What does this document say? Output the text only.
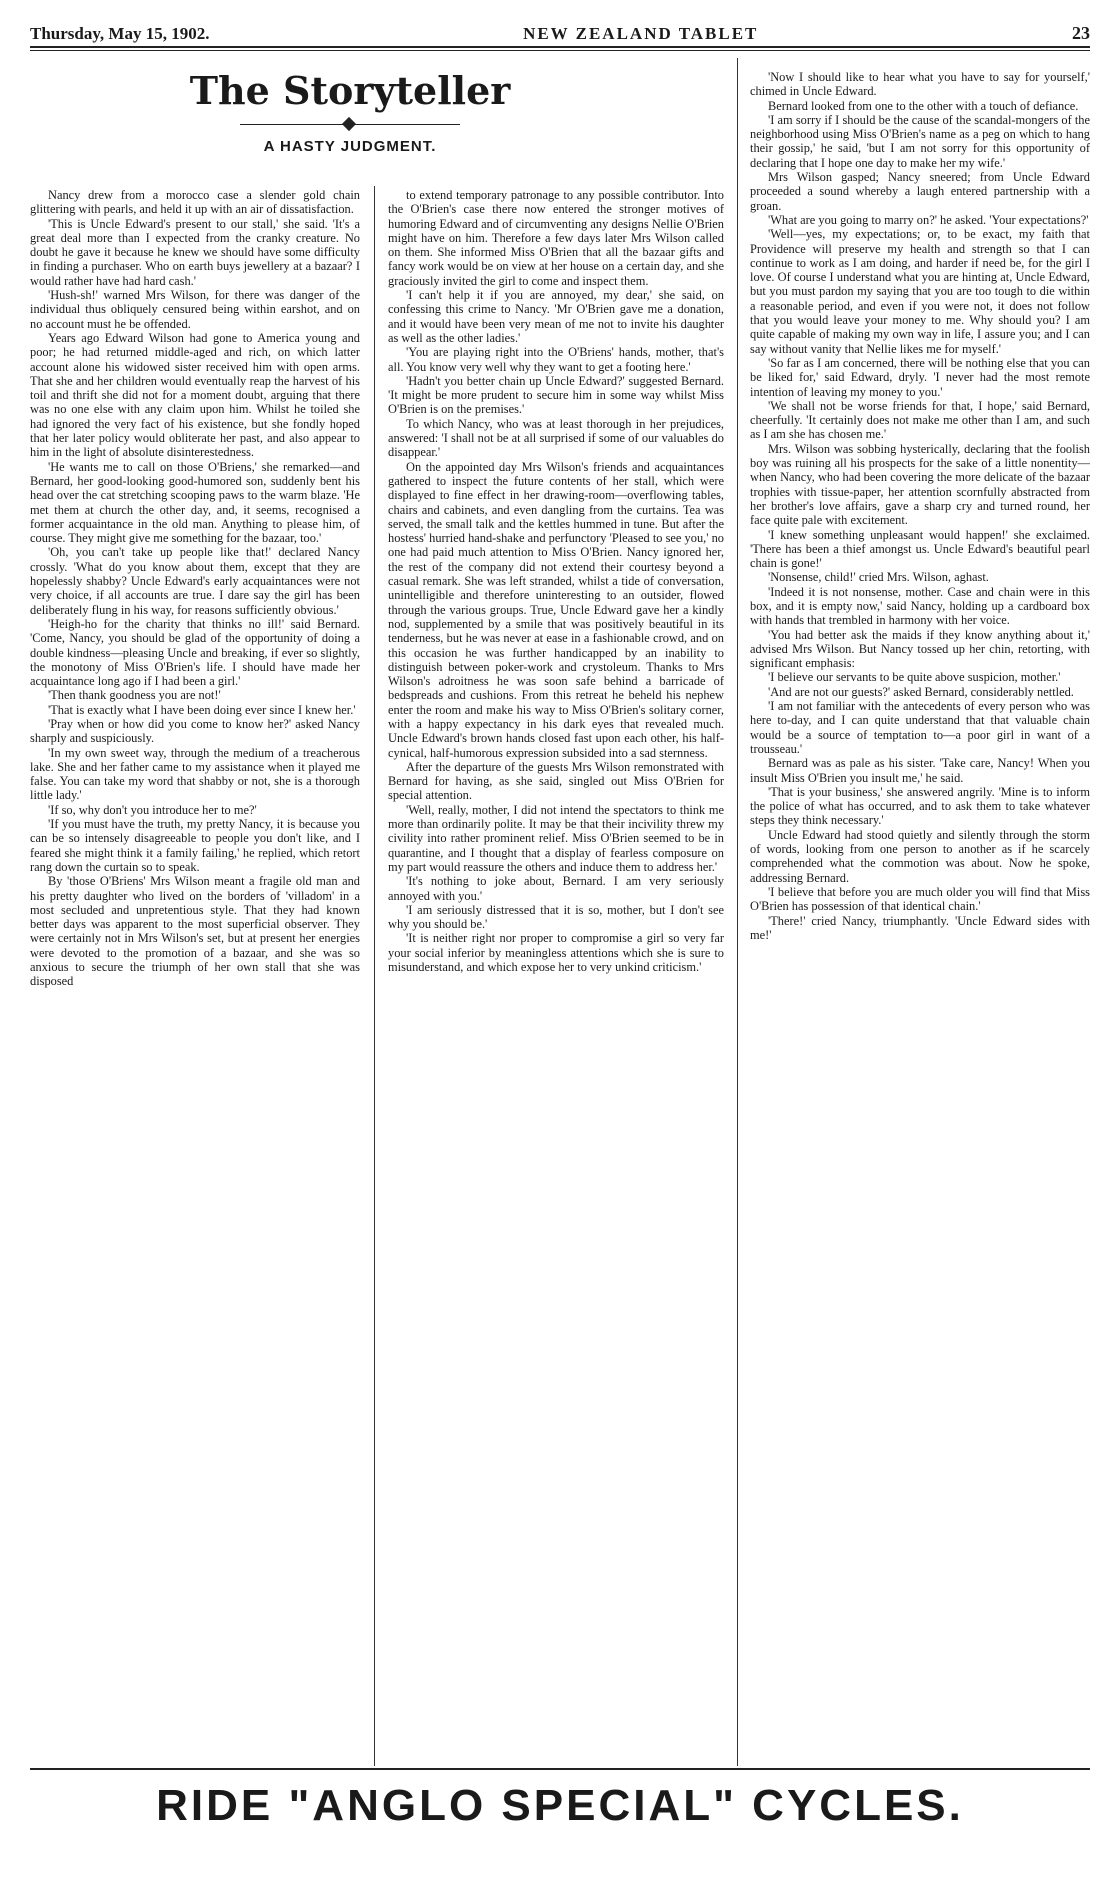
Thursday, May 15, 1902.	NEW ZEALAND TABLET	23
The Storyteller
A HASTY JUDGMENT.

Nancy drew from a morocco case a slender gold chain glittering with pearls, and held it up with an air of dissatisfaction.

'This is Uncle Edward's present to our stall,' she said. 'It's a great deal more than I expected from the cranky creature. No doubt he gave it because he knew we should have some difficulty in finding a purchaser. Who on earth buys jewellery at a bazaar? I would rather have had hard cash.'

'Hush-sh!' warned Mrs Wilson, for there was danger of the individual thus obliquely censured being within earshot, and on no account must he be offended.

Years ago Edward Wilson had gone to America young and poor; he had returned middle-aged and rich, on which latter account alone his widowed sister received him with open arms. That she and her children would eventually reap the harvest of his toil and thrift she did not for a moment doubt, arguing that there was no one else with any claim upon him. Whilst he toiled she had ignored the very fact of his existence, but she fondly hoped that her later policy would obliterate her past, and also appear to him in the light of absolute disinterestedness.

'He wants me to call on those O'Briens,' she remarked—and Bernard, her good-looking good-humored son, suddenly bent his head over the cat stretching scooping paws to the warm blaze. 'He met them at church the other day, and, it seems, recognised a former acquaintance in the old man. Anything to please him, of course. They might give me something for the bazaar, too.'

'Oh, you can't take up people like that!' declared Nancy crossly. 'What do you know about them, except that they are hopelessly shabby? Uncle Edward's early acquaintances were not very choice, if all accounts are true. I dare say the girl has been deliberately flung in his way, for reasons sufficiently obvious.'

'Heigh-ho for the charity that thinks no ill!' said Bernard. 'Come, Nancy, you should be glad of the opportunity of doing a double kindness—pleasing Uncle and breaking, if ever so slightly, the monotony of Miss O'Brien's life. I should have made her acquaintance long ago if I had been a girl.'

'Then thank goodness you are not!'

'That is exactly what I have been doing ever since I knew her.'

'Pray when or how did you come to know her?' asked Nancy sharply and suspiciously.

'In my own sweet way, through the medium of a treacherous lake. She and her father came to my assistance when it played me false. You can take my word that shabby or not, she is a thorough little lady.'

'If so, why don't you introduce her to me?'

'If you must have the truth, my pretty Nancy, it is because you can be so intensely disagreeable to people you don't like, and I feared she might think it a family failing,' he replied, which retort rang down the curtain so to speak.

By 'those O'Briens' Mrs Wilson meant a fragile old man and his pretty daughter who lived on the borders of 'villadom' in a most secluded and unpretentious style. That they had known better days was apparent to the most superficial observer. They were certainly not in Mrs Wilson's set, but at present her energies were devoted to the promotion of a bazaar, and she was so anxious to secure the triumph of her own stall that she was disposed

to extend temporary patronage to any possible contributor. Into the O'Brien's case there now entered the stronger motives of humoring Edward and of circumventing any designs Nellie O'Brien might have on him. Therefore a few days later Mrs Wilson called on them. She informed Miss O'Brien that all the bazaar gifts and fancy work would be on view at her house on a certain day, and she graciously invited the girl to come and inspect them.

'I can't help it if you are annoyed, my dear,' she said, on confessing this crime to Nancy. 'Mr O'Brien gave me a donation, and it would have been very mean of me not to invite his daughter as well as the other ladies.'

'You are playing right into the O'Briens' hands, mother, that's all. You know very well why they want to get a footing here.'

'Hadn't you better chain up Uncle Edward?' suggested Bernard. 'It might be more prudent to secure him in some way whilst Miss O'Brien is on the premises.'

To which Nancy, who was at least thorough in her prejudices, answered: 'I shall not be at all surprised if some of our valuables do disappear.'

On the appointed day Mrs Wilson's friends and acquaintances gathered to inspect the future contents of her stall, which were displayed to fine effect in her drawing-room—overflowing tables, chairs and cabinets, and even dangling from the curtains. Tea was served, the small talk and the kettles hummed in tune. But after the hostess' hurried hand-shake and perfunctory 'Pleased to see you,' no one had paid much attention to Miss O'Brien. Nancy ignored her, the rest of the company did not extend their courtesy beyond a casual remark. She was left stranded, whilst a tide of conversation, unintelligible and therefore uninteresting to an outsider, flowed through the various groups. True, Uncle Edward gave her a kindly nod, supplemented by a smile that was positively beautiful in its tenderness, but he was never at ease in a fashionable crowd, and on this occasion he was further handicapped by an inability to distinguish between poker-work and crystoleum. Thanks to Mrs Wilson's adroitness he was soon safe behind a barricade of bedspreads and cushions. From this retreat he beheld his nephew enter the room and make his way to Miss O'Brien's solitary corner, with a happy expectancy in his dark eyes that revealed much. Uncle Edward's brown hands closed fast upon each other, his half-cynical, half-humorous expression subsided into a sad sternness.

After the departure of the guests Mrs Wilson remonstrated with Bernard for having, as she said, singled out Miss O'Brien for special attention.

'Well, really, mother, I did not intend the spectators to think me more than ordinarily polite. It may be that their incivility threw my civility into rather prominent relief. Miss O'Brien seemed to be in quarantine, and I thought that a display of fearless composure on my part would reassure the others and induce them to address her.'

'It's nothing to joke about, Bernard. I am very seriously annoyed with you.'

'I am seriously distressed that it is so, mother, but I don't see why you should be.'

'It is neither right nor proper to compromise a girl so very far your social inferior by meaningless attentions which she is sure to misunderstand, and which expose her to very unkind criticism.'

'Now I should like to hear what you have to say for yourself,' chimed in Uncle Edward.

Bernard looked from one to the other with a touch of defiance.

'I am sorry if I should be the cause of the scandal-mongers of the neighborhood using Miss O'Brien's name as a peg on which to hang their gossip,' he said, 'but I am not sorry for this opportunity of declaring that I hope one day to make her my wife.'

Mrs Wilson gasped; Nancy sneered; from Uncle Edward proceeded a sound whereby a laugh entered partnership with a groan.

'What are you going to marry on?' he asked. 'Your expectations?'

'Well—yes, my expectations; or, to be exact, my faith that Providence will preserve my health and strength so that I can continue to work as I am doing, and harder if need be, for the girl I love. Of course I understand what you are hinting at, Uncle Edward, but you must pardon my saying that you are too tough to die within a reasonable period, and even if you were not, it does not follow that you would leave your money to me. Why should you? I am quite capable of making my own way in life, I assure you; and I can say without vanity that Nellie likes me for myself.'

'So far as I am concerned, there will be nothing else that you can be liked for,' said Edward, dryly. 'I never had the most remote intention of leaving my money to you.'

'We shall not be worse friends for that, I hope,' said Bernard, cheerfully. 'It certainly does not make me other than I am, and such as I am she has chosen me.'

Mrs. Wilson was sobbing hysterically, declaring that the foolish boy was ruining all his prospects for the sake of a little nonentity—when Nancy, who had been covering the more delicate of the bazaar trophies with tissue-paper, her attention scornfully abstracted from her brother's love affairs, gave a sharp cry and turned round, her face quite pale with excitement.

'I knew something unpleasant would happen!' she exclaimed. 'There has been a thief amongst us. Uncle Edward's beautiful pearl chain is gone!'

'Nonsense, child!' cried Mrs. Wilson, aghast.

'Indeed it is not nonsense, mother. Case and chain were in this box, and it is empty now,' said Nancy, holding up a cardboard box with hands that trembled in harmony with her voice.

'You had better ask the maids if they know anything about it,' advised Mrs Wilson. But Nancy tossed up her chin, retorting, with significant emphasis:

'I believe our servants to be quite above suspicion, mother.'

'And are not our guests?' asked Bernard, considerably nettled.

'I am not familiar with the antecedents of every person who was here to-day, and I can quite understand that that valuable chain would be a source of temptation to—a poor girl in want of a trousseau.'

Bernard was as pale as his sister. 'Take care, Nancy! When you insult Miss O'Brien you insult me,' he said.

'That is your business,' she answered angrily. 'Mine is to inform the police of what has occurred, and to ask them to take whatever steps they think necessary.'

Uncle Edward had stood quietly and silently through the storm of words, looking from one person to another as if he scarcely comprehended what the commotion was about. Now he spoke, addressing Bernard.

'I believe that before you are much older you will find that Miss O'Brien has possession of that identical chain.'

'There!' cried Nancy, triumphantly. 'Uncle Edward sides with me!'

RIDE "ANGLO SPECIAL" CYCLES.
